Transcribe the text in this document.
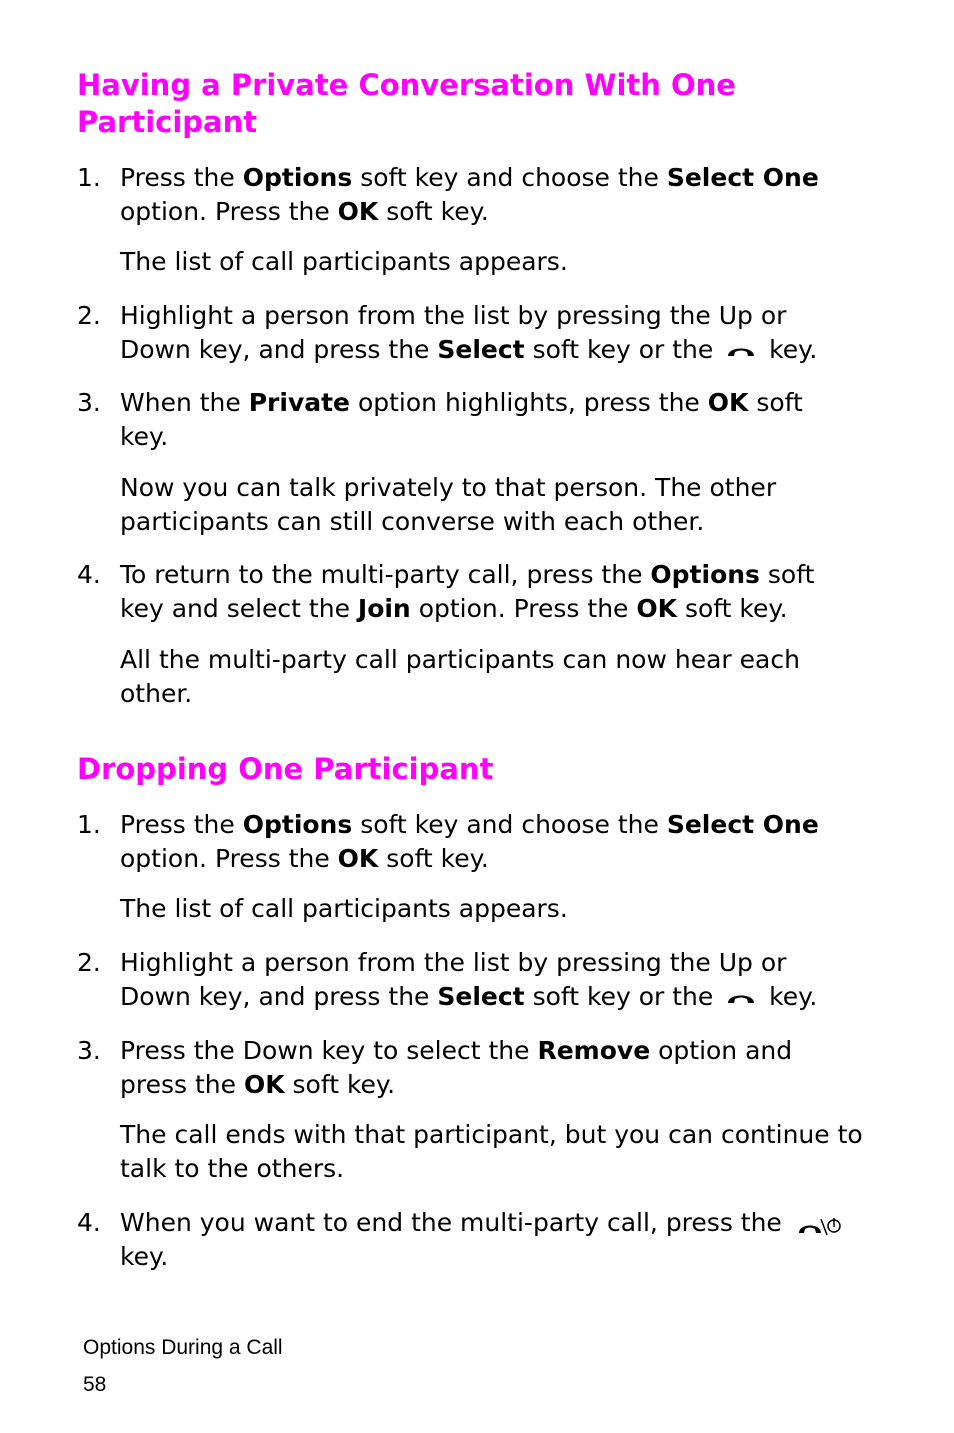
Having a Private Conversation With One
Participant
1. Press the Options soft key and choose the Select One
option. Press the OK soft key.
The list of call participants appears.
2. Highlight a person from the list by pressing the Up or
Down key, and press the Select soft key or the
key.
3. When the Private option highlights, press the OK soft
key.
Now you can talk privately to that person. The other
participants can still converse with each other.
4. To return to the multi-party call, press the Options soft
key and select the Join option. Press the OK soft key.
All the multi-party call participants can now hear each
other.
Dropping One Participant
1. Press the Options soft key and choose the Select One
option. Press the OK soft key.
The list of call participants appears.
2. Highlight a person from the list by pressing the Up or
Down key, and press the Select soft key or the
key.
3. Press the Down key to select the Remove option and
press the OK soft key.
The call ends with that participant, but you can continue to
talk to the others.
4. When you want to end the multi-party call, press the

key.
Options During a Call
58
